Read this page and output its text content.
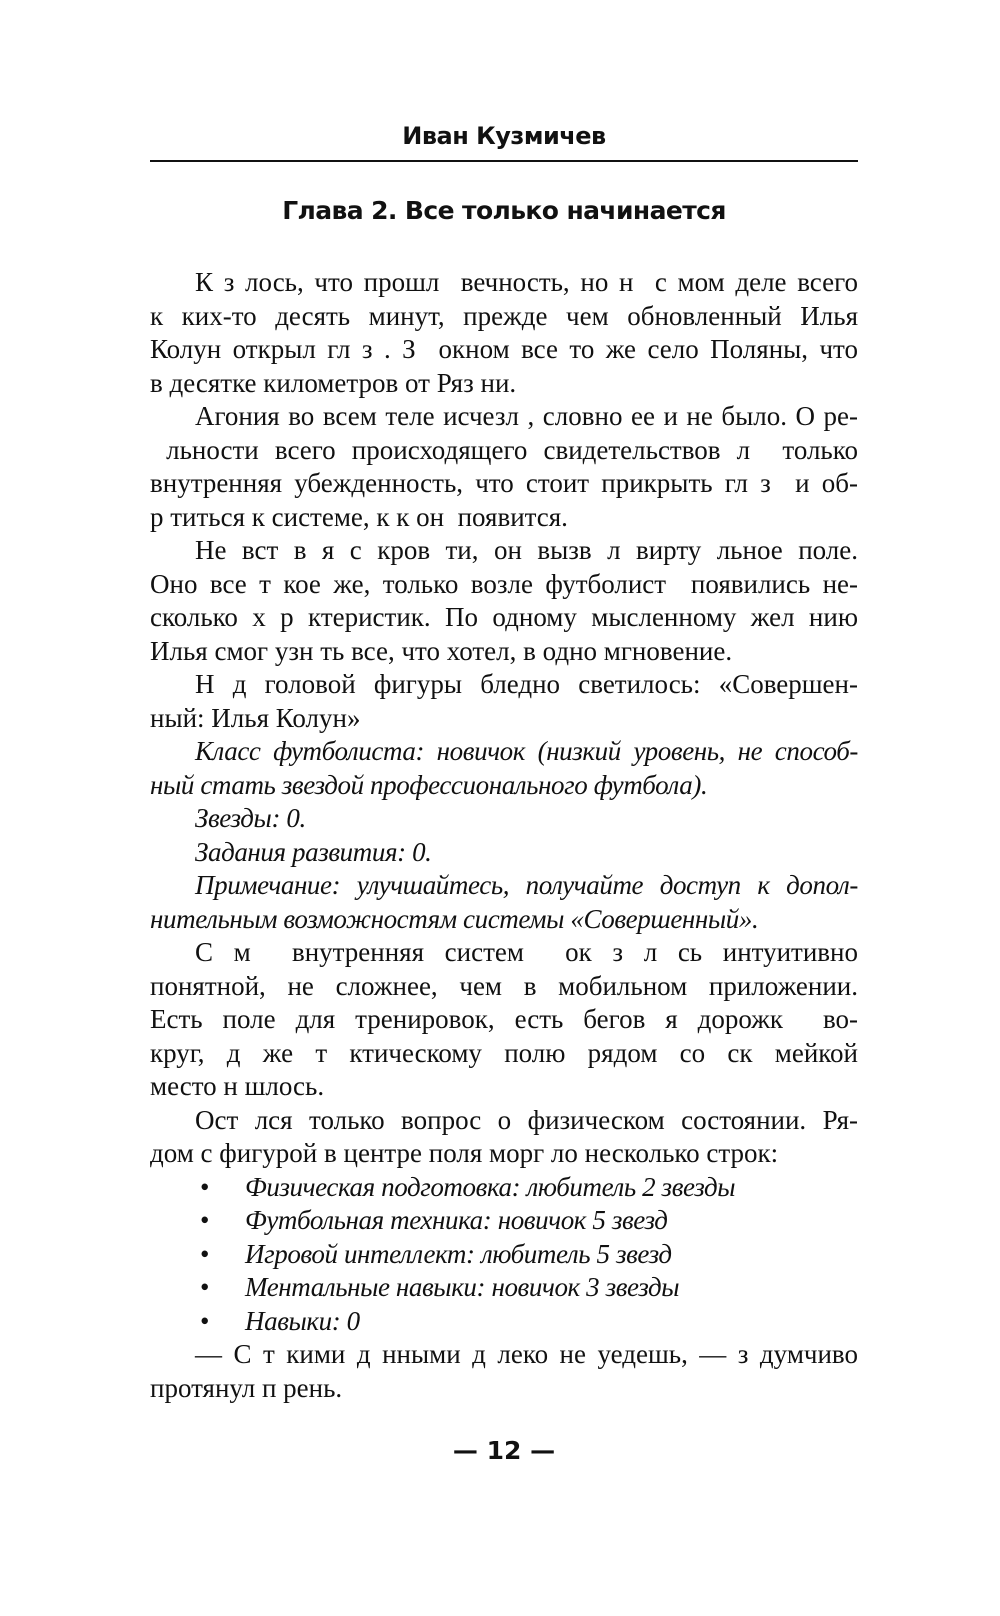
Иван Кузмичев
Глава 2. Все только начинается
К з лось, что прошл  вечность, но н  с мом деле всего
к ких-то десять минут, прежде чем обновленный Илья
Колун открыл гл з . З  окном все то же село Поляны, что
в десятке километров от Ряз ни.
Агония во всем теле исчезл , словно ее и не было. О ре-
льности всего происходящего свидетельствов л  только
внутренняя убежденность, что стоит прикрыть гл з  и об-
р титься к системе, к к он  появится.
Не вст в я с кров ти, он вызв л вирту льное поле.
Оно все т кое же, только возле футболист  появились не-
сколько х р ктеристик. По одному мысленному жел нию
Илья смог узн ть все, что хотел, в одно мгновение.
Н д головой фигуры бледно светилось: «Совершен-
ный: Илья Колун»
Класс футболиста: новичок (низкий уровень, не способ-
ный стать звездой профессионального футбола).
Звезды: 0.
Задания развития: 0.
Примечание: улучшайтесь, получайте доступ к допол-
нительным возможностям системы «Совершенный».
С м  внутренняя систем  ок з л сь интуитивно
понятной, не сложнее, чем в мобильном приложении.
Есть поле для тренировок, есть бегов я дорожк  во-
круг, д же т ктическому полю рядом со ск мейкой
место н шлось.
Ост лся только вопрос о физическом состоянии. Ря-
дом с фигурой в центре поля морг ло несколько строк:
• Физическая подготовка: любитель 2 звезды
• Футбольная техника: новичок 5 звезд
• Игровой интеллект: любитель 5 звезд
• Ментальные навыки: новичок 3 звезды
• Навыки: 0
— С т кими д нными д леко не уедешь, — з думчиво
протянул п рень.
— 12 —
